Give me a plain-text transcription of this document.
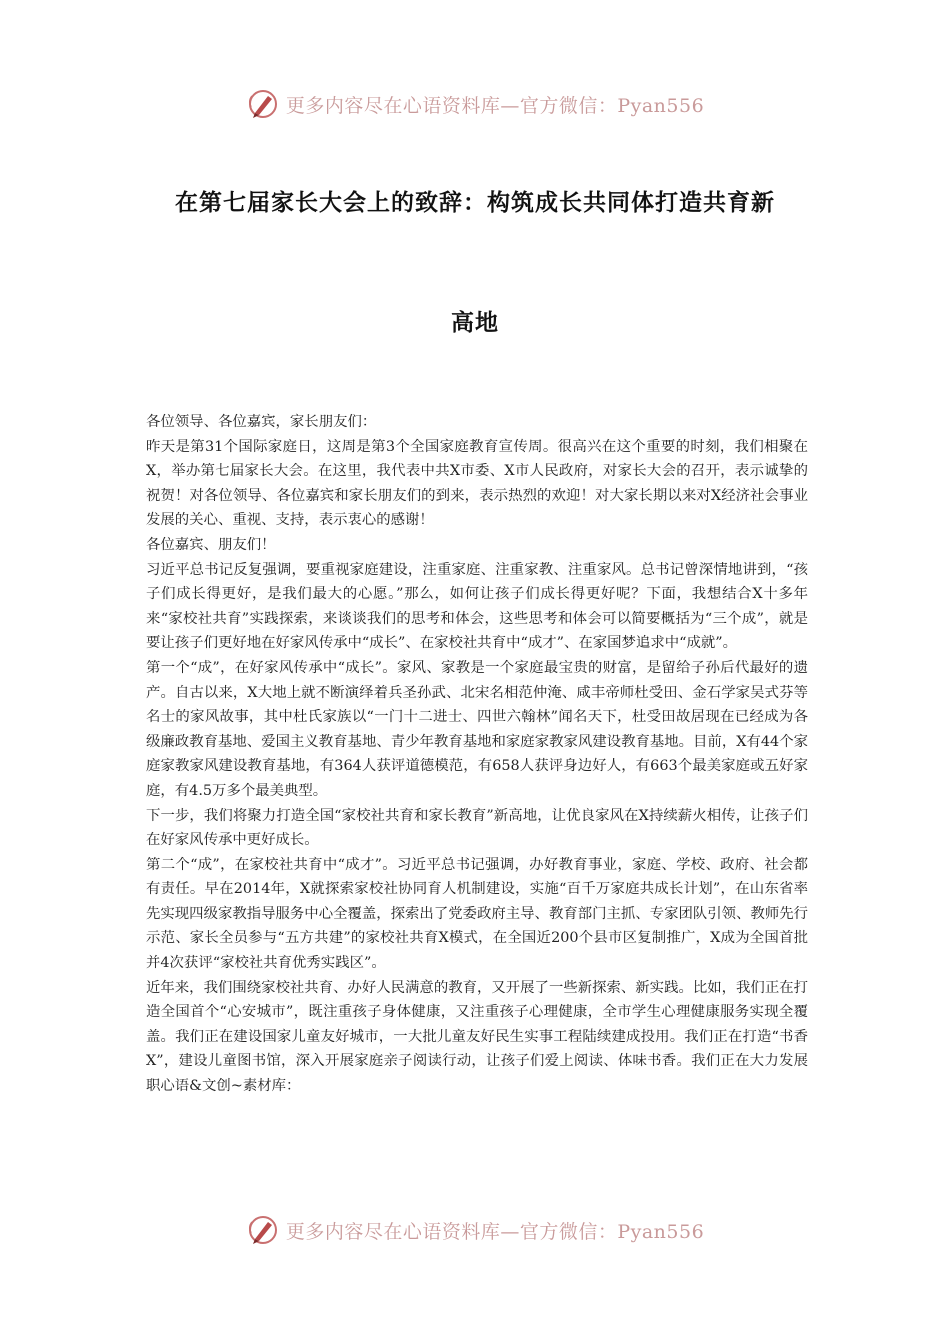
更多内容尽在心语资料库—官方微信：Pyan556
在第七届家长大会上的致辞：构筑成长共同体打造共育新
高地

各位领导、各位嘉宾，家长朋友们：

昨天是第31个国际家庭日，这周是第3个全国家庭教育宣传周。很高兴在这个重要的时刻，我们相聚在X，举办第七届家长大会。在这里，我代表中共X市委、X市人民政府，对家长大会的召开，表示诚挚的祝贺！对各位领导、各位嘉宾和家长朋友们的到来，表示热烈的欢迎！对大家长期以来对X经济社会事业发展的关心、重视、支持，表示衷心的感谢！

各位嘉宾、朋友们！

习近平总书记反复强调，要重视家庭建设，注重家庭、注重家教、注重家风。总书记曾深情地讲到，“孩子们成长得更好，是我们最大的心愿。”那么，如何让孩子们成长得更好呢？下面，我想结合X十多年来“家校社共育”实践探索，来谈谈我们的思考和体会，这些思考和体会可以简要概括为“三个成”，就是要让孩子们更好地在好家风传承中“成长”、在家校社共育中“成才”、在家国梦追求中“成就”。

第一个“成”，在好家风传承中“成长”。家风、家教是一个家庭最宝贵的财富，是留给子孙后代最好的遗产。自古以来，X大地上就不断演绎着兵圣孙武、北宋名相范仲淹、咸丰帝师杜受田、金石学家吴式芬等名士的家风故事，其中杜氏家族以“一门十二进士、四世六翰林”闻名天下，杜受田故居现在已经成为各级廉政教育基地、爱国主义教育基地、青少年教育基地和家庭家教家风建设教育基地。目前，X有44个家庭家教家风建设教育基地，有364人获评道德模范，有658人获评身边好人，有663个最美家庭或五好家庭，有4.5万多个最美典型。

下一步，我们将聚力打造全国“家校社共育和家长教育”新高地，让优良家风在X持续薪火相传，让孩子们在好家风传承中更好成长。

第二个“成”，在家校社共育中“成才”。习近平总书记强调，办好教育事业，家庭、学校、政府、社会都有责任。早在2014年，X就探索家校社协同育人机制建设，实施“百千万家庭共成长计划”，在山东省率先实现四级家教指导服务中心全覆盖，探索出了党委政府主导、教育部门主抓、专家团队引领、教师先行示范、家长全员参与“五方共建”的家校社共育X模式，在全国近200个县市区复制推广，X成为全国首批并4次获评“家校社共育优秀实践区”。

近年来，我们围绕家校社共育、办好人民满意的教育，又开展了一些新探索、新实践。比如，我们正在打造全国首个“心安城市”，既注重孩子身体健康，又注重孩子心理健康，全市学生心理健康服务实现全覆盖。我们正在建设国家儿童友好城市，一大批儿童友好民生实事工程陆续建成投用。我们正在打造“书香X”，建设儿童图书馆，深入开展家庭亲子阅读行动，让孩子们爱上阅读、体味书香。我们正在大力发展职心语&文创~素材库：

更多内容尽在心语资料库—官方微信：Pyan556
